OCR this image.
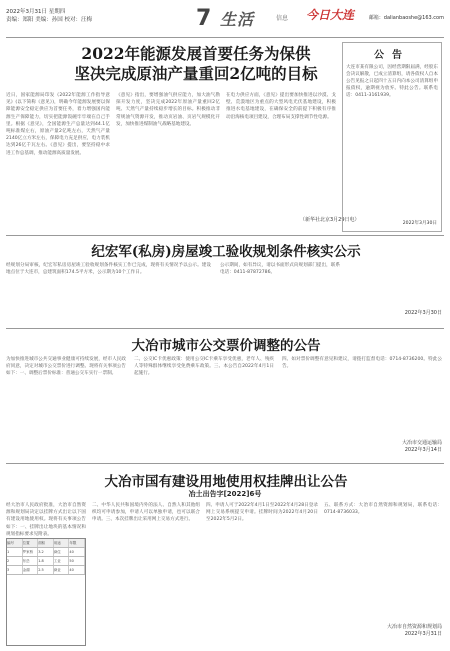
2022年3月31日 星期四
责编：郑阳 美编：孙国 校对：汪梅	7 生活	信息 今日大连	邮箱：dalianbaoshe@163.com
2022年能源发展首要任务为保供
坚决完成原油产量重回2亿吨的目标
近日，国家能源局印发《2022年能源工作指导意见》(以下简称《意见》)，明确今年能源发展要以保障能源安全稳定供应为首要任务，着力增强国内能源生产保障能力，切实把能源饭碗牢牢端在自己手里。根据《意见》，全国能源生产总量达到44.1亿吨标准煤左右，原油产量2亿吨左右，天然气产量2140亿立方米左右，保障电力充足供应，电力装机达到26亿千瓦左右。《意见》提出，要坚持稳中求进工作总基调，推动能源高质量发展。
《意见》指出，要增强油气供应能力，加大油气勘探开发力度，坚决完成2022年原油产量重回2亿吨、天然气产量持续稳步增长的目标。积极推动非常规油气资源开发，推动页岩油、页岩气规模化开发，加快推进煤制油气战略基地建设。
在电力供应方面，《意见》提出要加快推进以沙漠、戈壁、荒漠地区为重点的大型风电光伏基地建设，积极推进水电基地建设，在确保安全的前提下积极有序推动沿海核电项目建设，合理布局支撑性调节性电源。
（新华社北京3月29日电）
公告
大连市某有限公司，因经营期限届满，经股东会决议解散，已成立清算组，请各债权人自本公告见报之日起四十五日内向本公司清算组申报债权，逾期视为放弃。特此公告。联系电话：0411-3161939。
2022年3月30日
纪宏军(私房)房屋竣工验收规划条件核实公示
经规划分局审核，纪宏军私房房屋竣工验收规划条件核实工作已完成，现将有关情况予以公示。建设地点位于大连市，总建筑面积174.5平方米，公示期为10个工作日。
公示期间，如有异议，请以书面形式向规划部门提出，联系电话：0411-87872786。
2022年3月30日
大冶市城市公交票价调整的公告
为加快推进城市公共交通事业健康可持续发展，经市人民政府同意，决定对城市公交票价进行调整。现将有关事项公告如下：一、调整后票价标准：普通公交车实行一票制。
二、公交IC卡优惠政策：使用公交IC卡乘车享受优惠，老年人、残疾人等特殊群体继续享受免费乘车政策。三、本公告自2022年4月1日起施行。
四、如对票价调整有意见和建议，请拨打监督电话：0714-8736200。特此公告。
大冶市交通运输局
2022年3月14日
大冶市国有建设用地使用权挂牌出让公告
冶土出告字[2022]6号
经大冶市人民政府批准，大冶市自然资源和规划局决定以挂牌方式出让以下国有建设用地使用权。现将有关事项公告如下：一、挂牌出让地块的基本情况和规划指标要求见附表。
编号	位置	面积	用途	年限
1	罗家桥	3.2	商住	40
2	东岳	1.8	工业	50
3	金湖	2.5	商业	40
二、中华人民共和国境内外的法人、自然人和其他组织均可申请参加，申请人可以单独申请，也可以联合申请。三、本次挂牌出让采用网上交易方式进行。
四、申请人可于2022年4月1日至2022年4月28日登录网上交易系统提交申请。挂牌时间为2022年4月20日至2022年5月2日。
五、联系方式：大冶市自然资源和规划局，联系电话：0714-8736033。
大冶市自然资源和规划局
2022年3月31日
